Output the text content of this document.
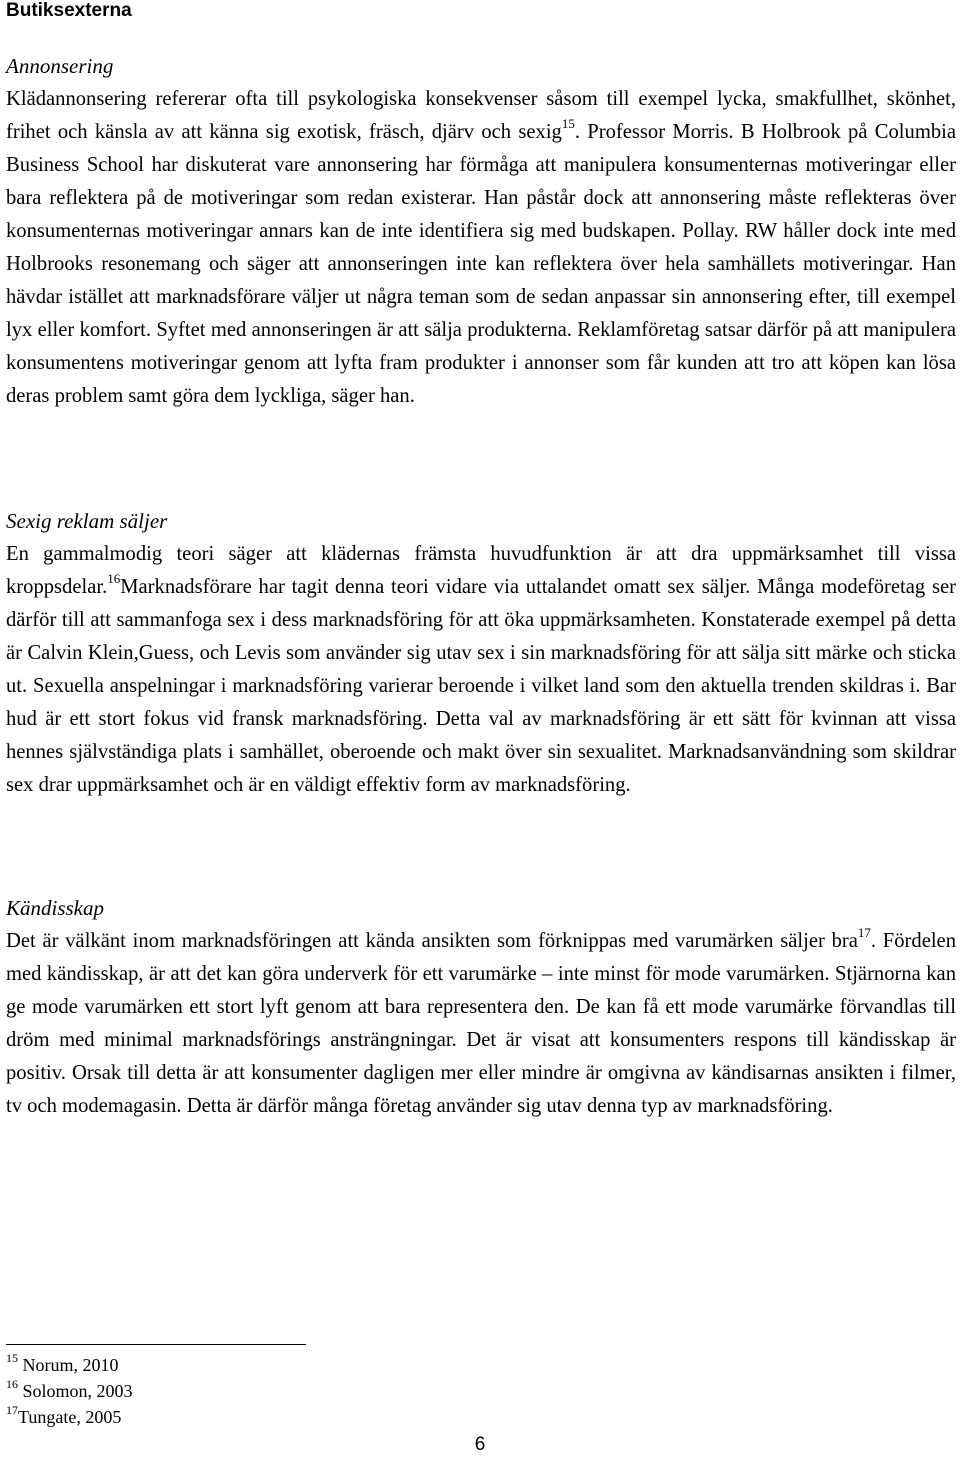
Butiksexterna

Annonsering

Klädannonsering refererar ofta till psykologiska konsekvenser såsom till exempel lycka, smakfullhet, skönhet, frihet och känsla av att känna sig exotisk, fräsch, djärv och sexig$^{15}$. Professor Morris. B Holbrook på Columbia Business School har diskuterat vare annonsering har förmåga att manipulera konsumenternas motiveringar eller bara reflektera på de motiveringar som redan existerar. Han påstår dock att annonsering måste reflekteras över konsumenternas motiveringar annars kan de inte identifiera sig med budskapen. Pollay. RW håller dock inte med Holbrooks resonemang och säger att annonseringen inte kan reflektera över hela samhällets motiveringar. Han hävdar istället att marknadsförare väljer ut några teman som de sedan anpassar sin annonsering efter, till exempel lyx eller komfort. Syftet med annonseringen är att sälja produkterna. Reklamföretag satsar därför på att manipulera konsumentens motiveringar genom att lyfta fram produkter i annonser som får kunden att tro att köpen kan lösa deras problem samt göra dem lyckliga, säger han.

Sexig reklam säljer

En gammalmodig teori säger att klädernas främsta huvudfunktion är att dra uppmärksamhet till vissa kroppsdelar.$^{16}$Marknadsförare har tagit denna teori vidare via uttalandet omatt sex säljer. Många modeföretag ser därför till att sammanfoga sex i dess marknadsföring för att öka uppmärksamheten. Konstaterade exempel på detta är Calvin Klein,Guess, och Levis som använder sig utav sex i sin marknadsföring för att sälja sitt märke och sticka ut. Sexuella anspelningar i marknadsföring varierar beroende i vilket land som den aktuella trenden skildras i. Bar hud är ett stort fokus vid fransk marknadsföring. Detta val av marknadsföring är ett sätt för kvinnan att vissa hennes självständiga plats i samhället, oberoende och makt över sin sexualitet. Marknadsanvändning som skildrar sex drar uppmärksamhet och är en väldigt effektiv form av marknadsföring.

Kändisskap

Det är välkänt inom marknadsföringen att kända ansikten som förknippas med varumärken säljer bra$^{17}$. Fördelen med kändisskap, är att det kan göra underverk för ett varumärke – inte minst för mode varumärken. Stjärnorna kan ge mode varumärken ett stort lyft genom att bara representera den. De kan få ett mode varumärke förvandlas till dröm med minimal marknadsförings ansträngningar. Det är visat att konsumenters respons till kändisskap är positiv. Orsak till detta är att konsumenter dagligen mer eller mindre är omgivna av kändisarnas ansikten i filmer, tv och modemagasin. Detta är därför många företag använder sig utav denna typ av marknadsföring.

$^{15}$ Norum, 2010
$^{16}$ Solomon, 2003
$^{17}$Tungate, 2005
6
